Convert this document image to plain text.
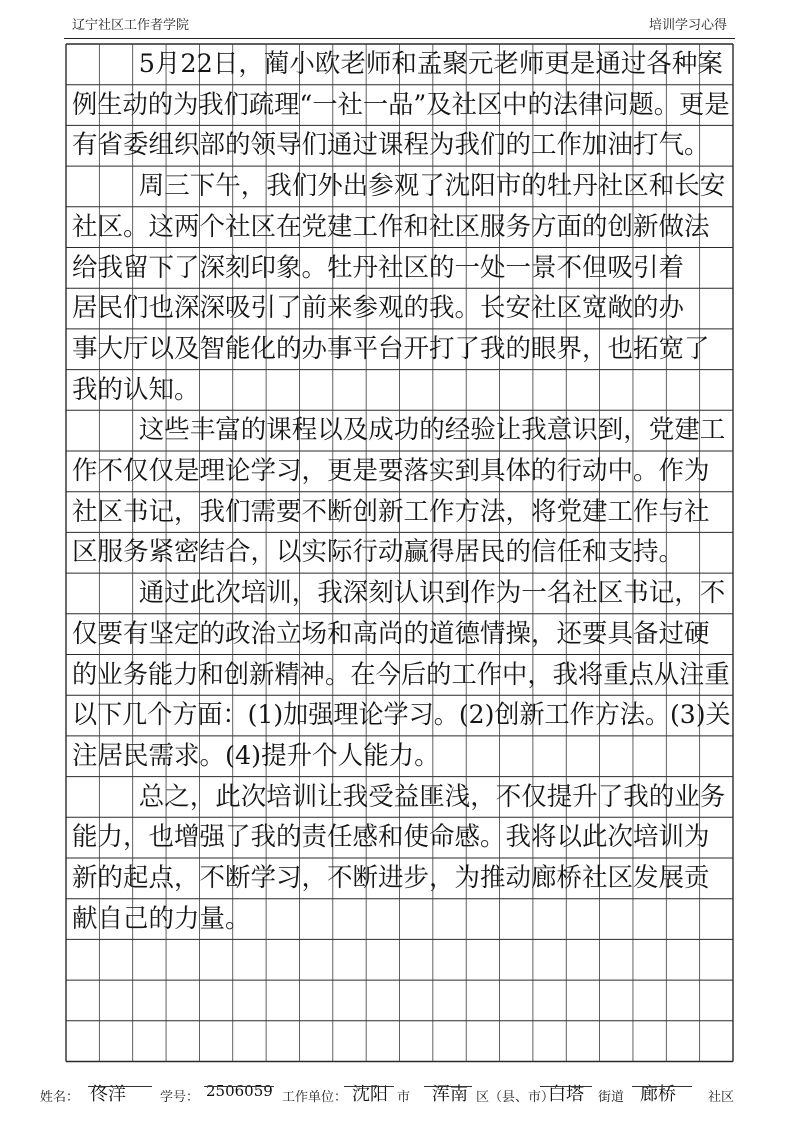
辽宁社区工作者学院	培训学习心得
5月22日，蔺小欧老师和孟聚元老师更是通过各种案
例生动的为我们疏理“一社一品”及社区中的法律问题。更是
有省委组织部的领导们通过课程为我们的工作加油打气。
周三下午，我们外出参观了沈阳市的牡丹社区和长安
社区。这两个社区在党建工作和社区服务方面的创新做法
给我留下了深刻印象。牡丹社区的一处一景不但吸引着
居民们也深深吸引了前来参观的我。长安社区宽敞的办
事大厅以及智能化的办事平台开打了我的眼界，也拓宽了
我的认知。
这些丰富的课程以及成功的经验让我意识到，党建工
作不仅仅是理论学习，更是要落实到具体的行动中。作为
社区书记，我们需要不断创新工作方法，将党建工作与社
区服务紧密结合，以实际行动赢得居民的信任和支持。
通过此次培训，我深刻认识到作为一名社区书记，不
仅要有坚定的政治立场和高尚的道德情操，还要具备过硬
的业务能力和创新精神。在今后的工作中，我将重点从注重
以下几个方面：(1)加强理论学习。(2)创新工作方法。(3)关
注居民需求。(4)提升个人能力。
总之，此次培训让我受益匪浅，不仅提升了我的业务
能力，也增强了我的责任感和使命感。我将以此次培训为
新的起点，不断学习，不断进步，为推动廊桥社区发展贡
献自己的力量。
姓名： 佟洋	学号： 2506059 工作单位： 沈阳 市 浑南 区（县、市）
白塔 街道 廊桥 社区
